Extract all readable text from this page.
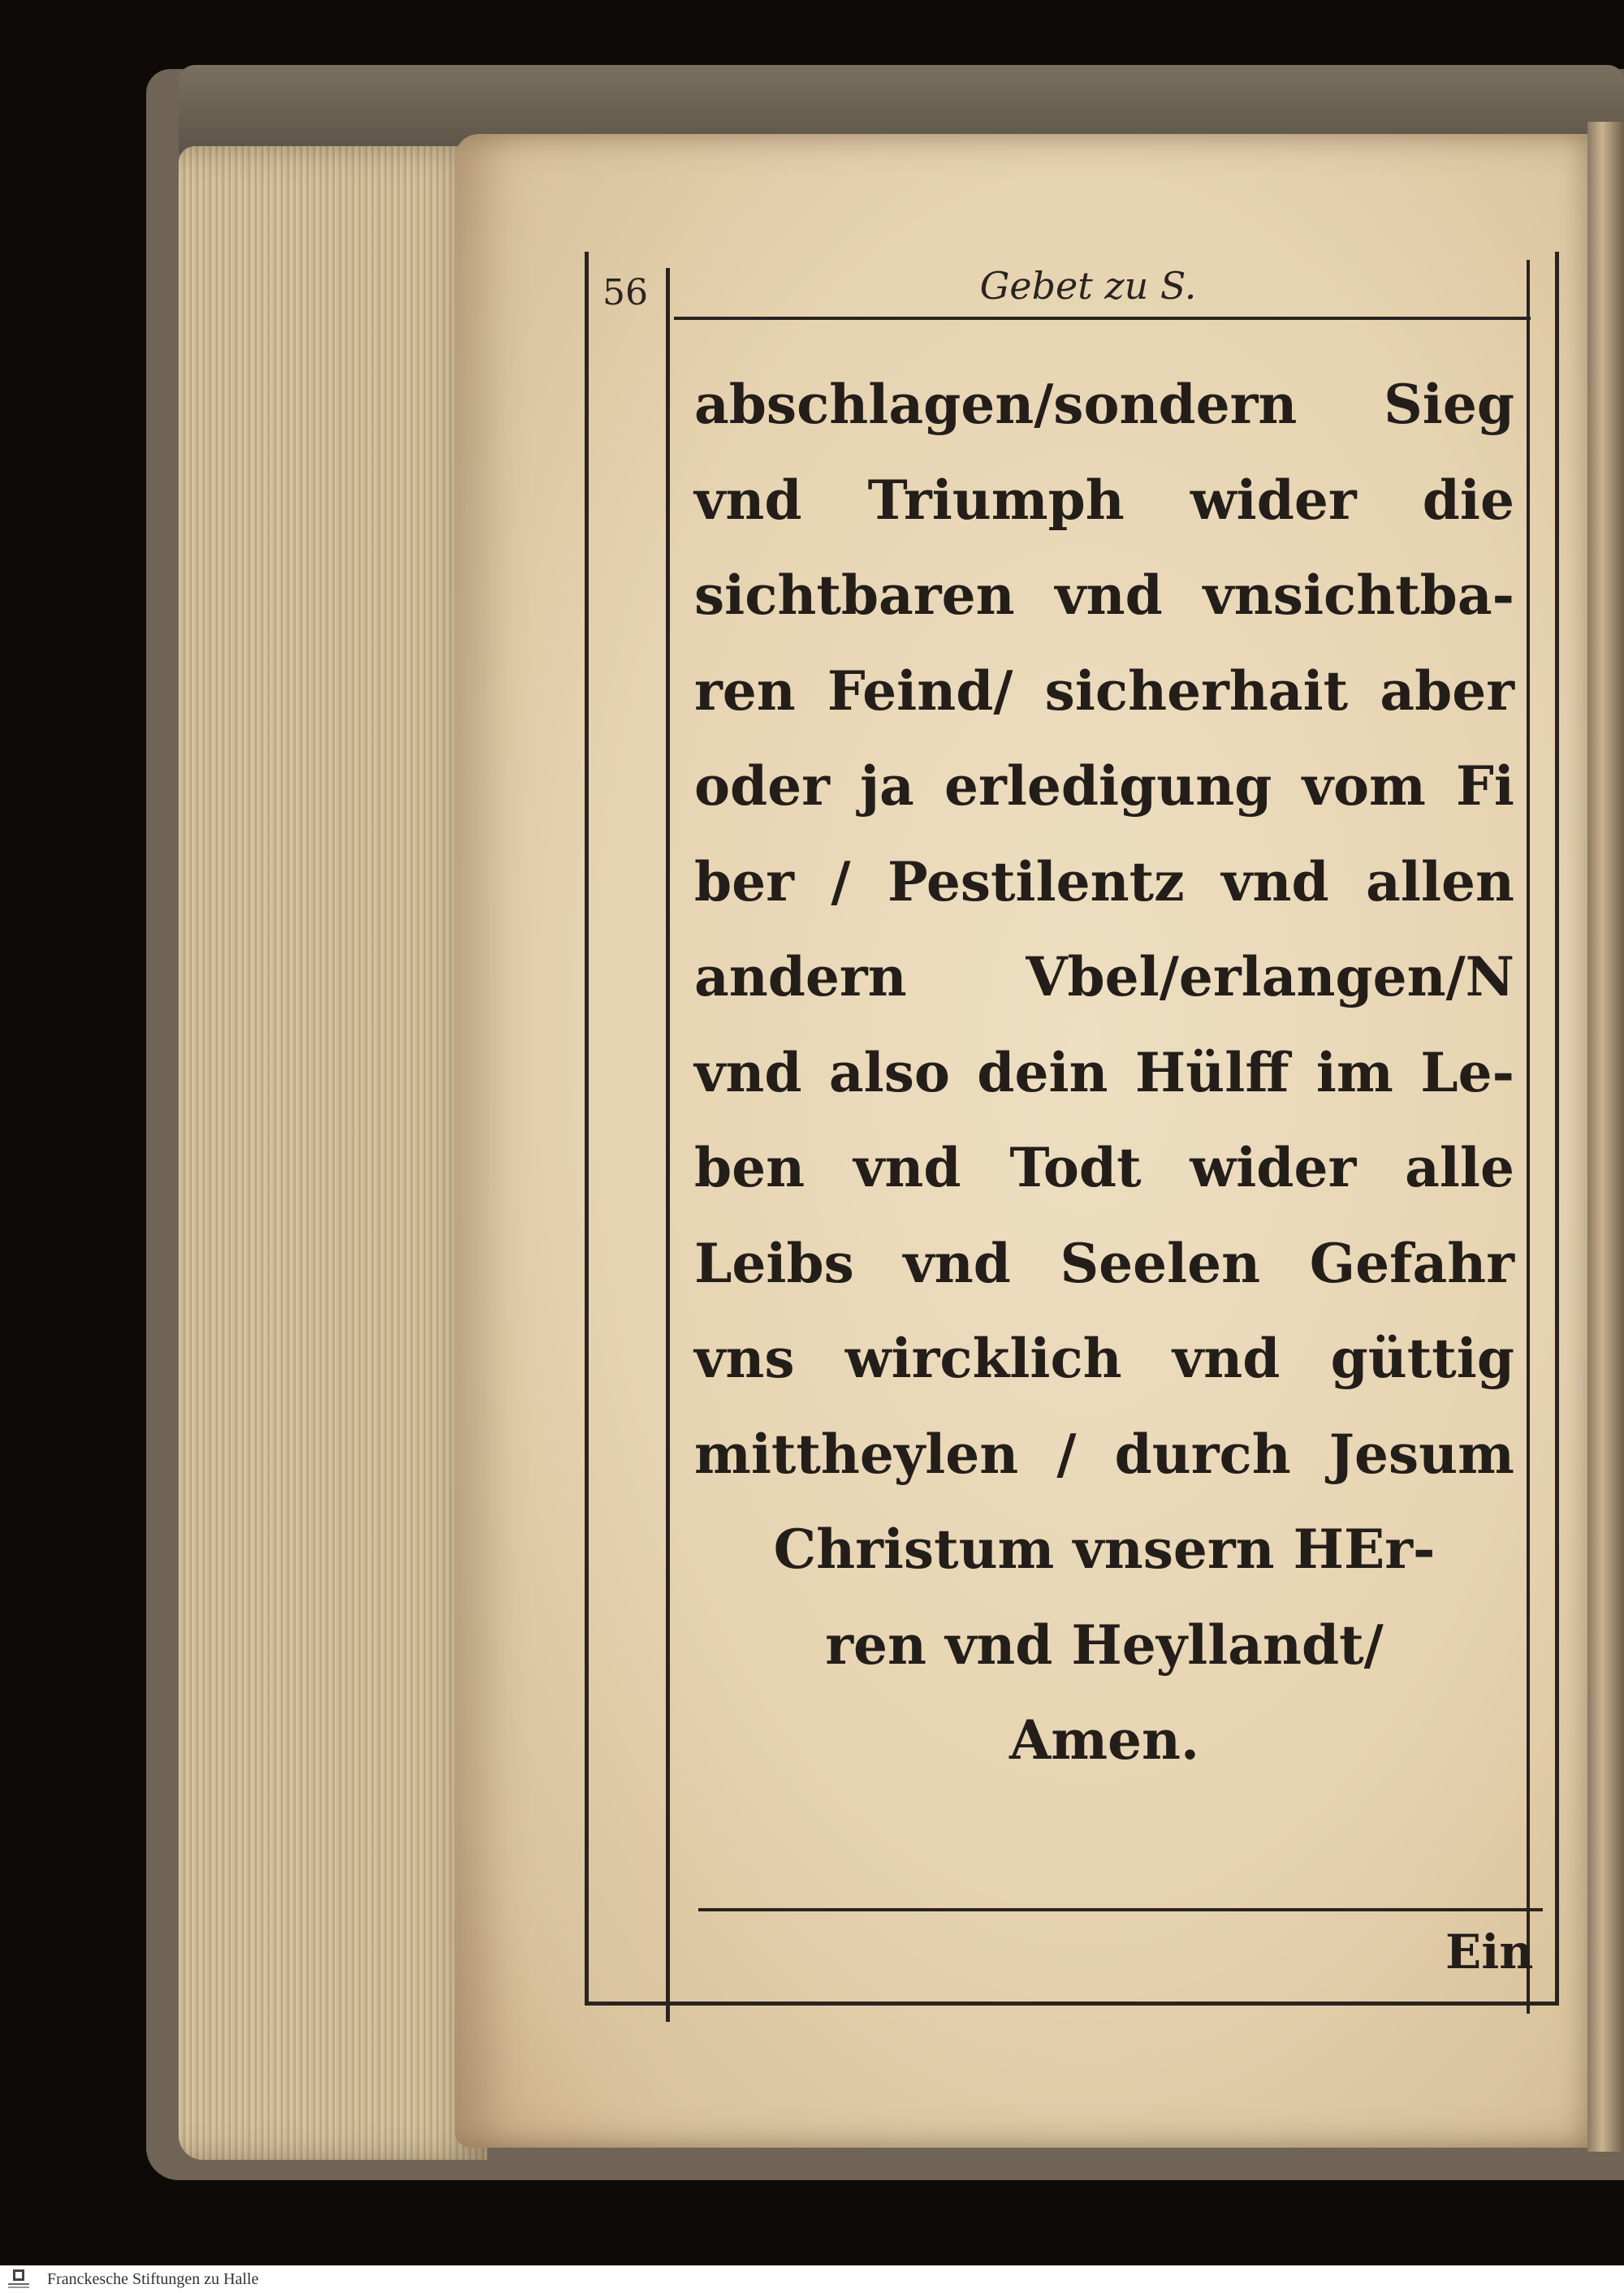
56	Gebet zu S.
abschlagen/sondern Sieg
vnd Triumph wider die
sichtbaren vnd vnsichtba-
ren Feind/ sicherhait aber
oder ja erledigung vom Fi
ber / Pestilentz vnd allen
andern Vbel/erlangen/N
vnd also dein Hülff im Le-
ben vnd Todt wider alle
Leibs vnd Seelen Gefahr
vns wircklich vnd güttig
mittheylen / durch Jesum
Christum vnsern HEr-
ren vnd Heyllandt/
Amen.
Ein
Franckesche Stiftungen zu Halle
